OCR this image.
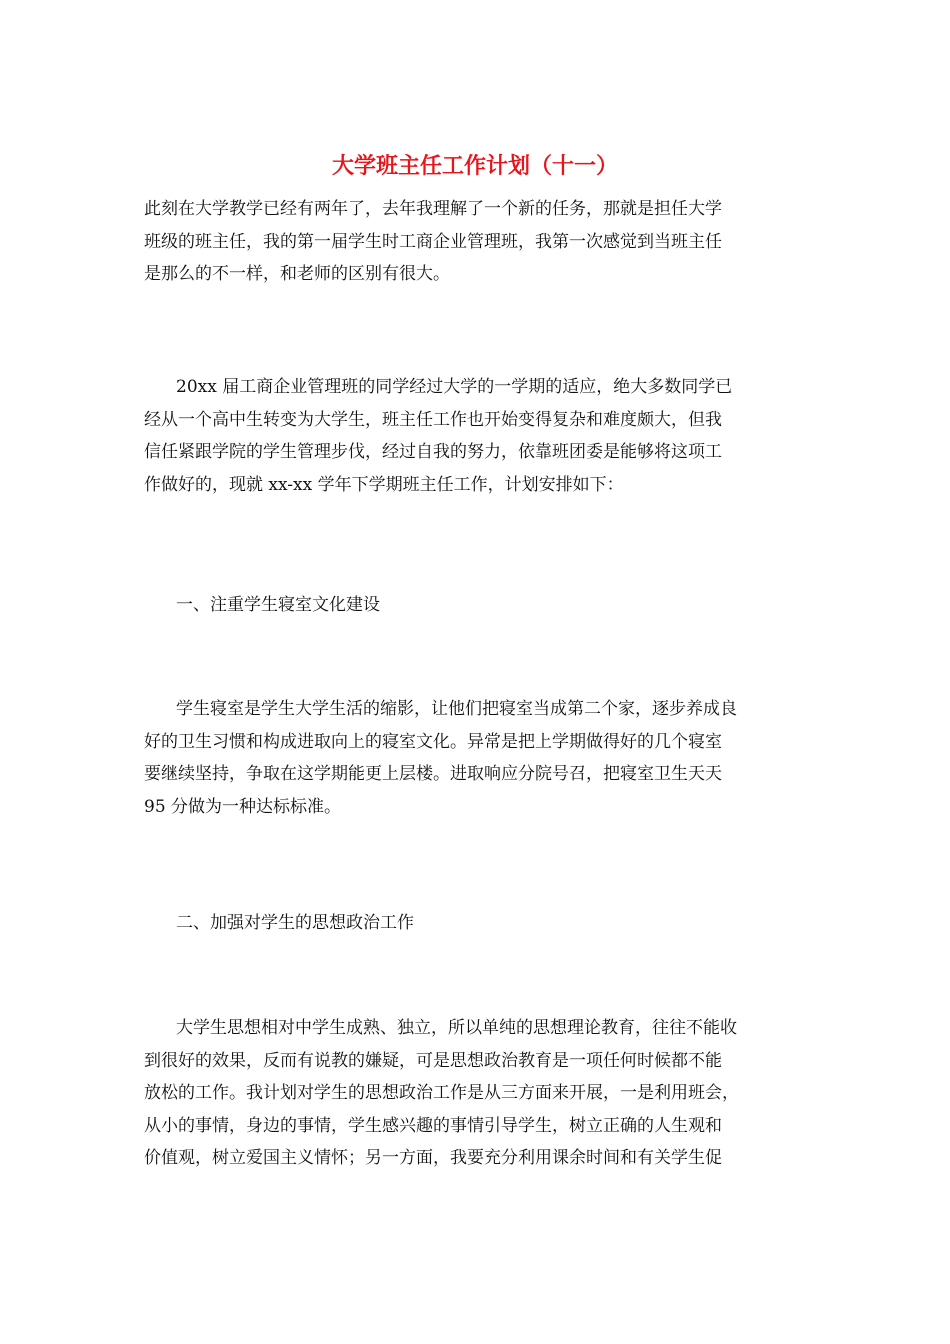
大学班主任工作计划（十一）
此刻在大学教学已经有两年了，去年我理解了一个新的任务，那就是担任大学
班级的班主任，我的第一届学生时工商企业管理班，我第一次感觉到当班主任
是那么的不一样，和老师的区别有很大。
20xx 届工商企业管理班的同学经过大学的一学期的适应，绝大多数同学已
经从一个高中生转变为大学生，班主任工作也开始变得复杂和难度颇大，但我
信任紧跟学院的学生管理步伐，经过自我的努力，依靠班团委是能够将这项工
作做好的，现就 xx-xx 学年下学期班主任工作，计划安排如下：
一、注重学生寝室文化建设
学生寝室是学生大学生活的缩影，让他们把寝室当成第二个家，逐步养成良
好的卫生习惯和构成进取向上的寝室文化。异常是把上学期做得好的几个寝室
要继续坚持，争取在这学期能更上层楼。进取响应分院号召，把寝室卫生天天
95 分做为一种达标标准。
二、加强对学生的思想政治工作
大学生思想相对中学生成熟、独立，所以单纯的思想理论教育，往往不能收
到很好的效果，反而有说教的嫌疑，可是思想政治教育是一项任何时候都不能
放松的工作。我计划对学生的思想政治工作是从三方面来开展，一是利用班会，
从小的事情，身边的事情，学生感兴趣的事情引导学生，树立正确的人生观和
价值观，树立爱国主义情怀；另一方面，我要充分利用课余时间和有关学生促
